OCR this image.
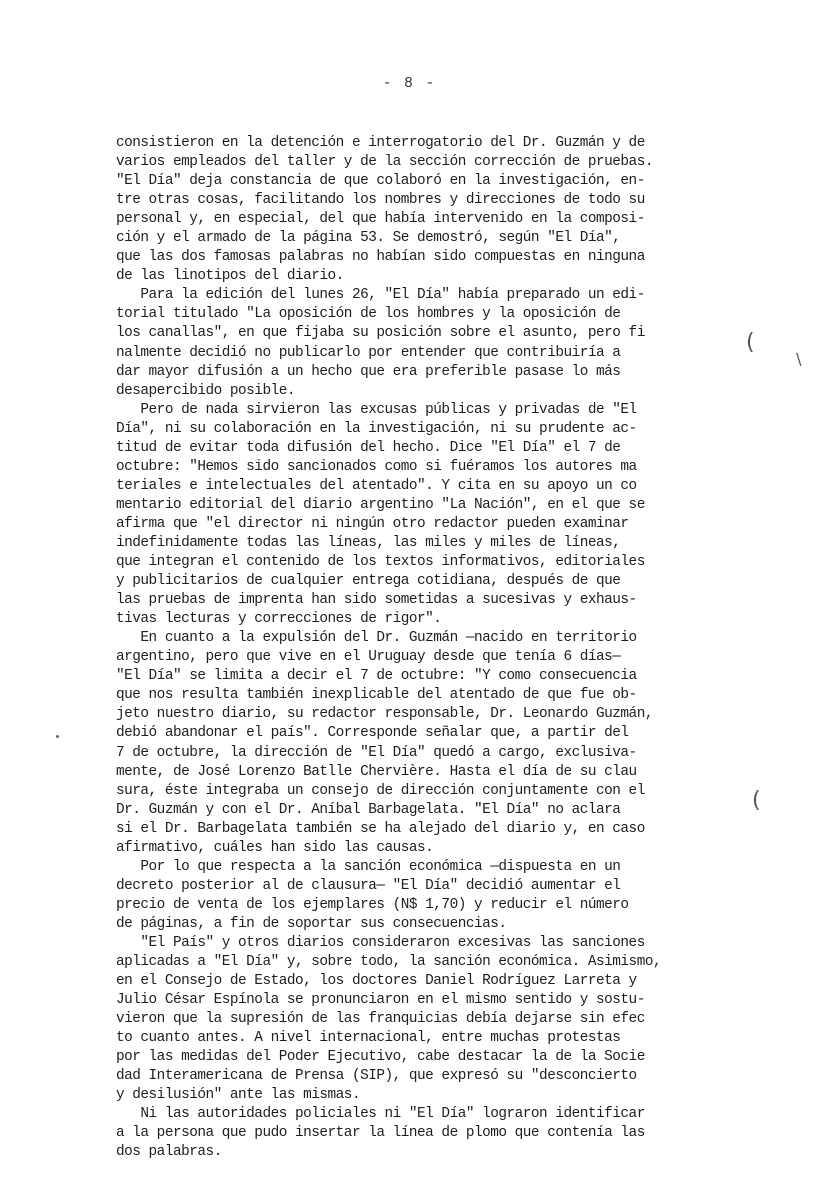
- 8 -
consistieron en la detención e interrogatorio del Dr. Guzmán y de
varios empleados del taller y de la sección corrección de pruebas.
"El Día" deja constancia de que colaboró en la investigación, en-
tre otras cosas, facilitando los nombres y direcciones de todo su
personal y, en especial, del que había intervenido en la composi-
ción y el armado de la página 53. Se demostró, según "El Día",
que las dos famosas palabras no habían sido compuestas en ninguna
de las linotipos del diario.
Para la edición del lunes 26, "El Día" había preparado un edi-
torial titulado "La oposición de los hombres y la oposición de
los canallas", en que fijaba su posición sobre el asunto, pero fi
nalmente decidió no publicarlo por entender que contribuiría a
dar mayor difusión a un hecho que era preferible pasase lo más
desapercibido posible.
Pero de nada sirvieron las excusas públicas y privadas de "El
Día", ni su colaboración en la investigación, ni su prudente ac-
titud de evitar toda difusión del hecho. Dice "El Día" el 7 de
octubre: "Hemos sido sancionados como si fuéramos los autores ma
teriales e intelectuales del atentado". Y cita en su apoyo un co
mentario editorial del diario argentino "La Nación", en el que se
afirma que "el director ni ningún otro redactor pueden examinar
indefinidamente todas las líneas, las miles y miles de líneas,
que integran el contenido de los textos informativos, editoriales
y publicitarios de cualquier entrega cotidiana, después de que
las pruebas de imprenta han sido sometidas a sucesivas y exhaus-
tivas lecturas y correcciones de rigor".
En cuanto a la expulsión del Dr. Guzmán —nacido en territorio
argentino, pero que vive en el Uruguay desde que tenía 6 días—
"El Día" se limita a decir el 7 de octubre: "Y como consecuencia
que nos resulta también inexplicable del atentado de que fue ob-
jeto nuestro diario, su redactor responsable, Dr. Leonardo Guzmán,
debió abandonar el país". Corresponde señalar que, a partir del
7 de octubre, la dirección de "El Día" quedó a cargo, exclusiva-
mente, de José Lorenzo Batlle Chervière. Hasta el día de su clau
sura, éste integraba un consejo de dirección conjuntamente con el
Dr. Guzmán y con el Dr. Aníbal Barbagelata. "El Día" no aclara
si el Dr. Barbagelata también se ha alejado del diario y, en caso
afirmativo, cuáles han sido las causas.
Por lo que respecta a la sanción económica —dispuesta en un
decreto posterior al de clausura— "El Día" decidió aumentar el
precio de venta de los ejemplares (N$ 1,70) y reducir el número
de páginas, a fin de soportar sus consecuencias.
"El País" y otros diarios consideraron excesivas las sanciones
aplicadas a "El Día" y, sobre todo, la sanción económica. Asimismo,
en el Consejo de Estado, los doctores Daniel Rodríguez Larreta y
Julio César Espínola se pronunciaron en el mismo sentido y sostu-
vieron que la supresión de las franquicias debía dejarse sin efec
to cuanto antes. A nivel internacional, entre muchas protestas
por las medidas del Poder Ejecutivo, cabe destacar la de la Socie
dad Interamericana de Prensa (SIP), que expresó su "desconcierto
y desilusión" ante las mismas.
Ni las autoridades policiales ni "El Día" lograron identificar
a la persona que pudo insertar la línea de plomo que contenía las
dos palabras.
(
∖
(
